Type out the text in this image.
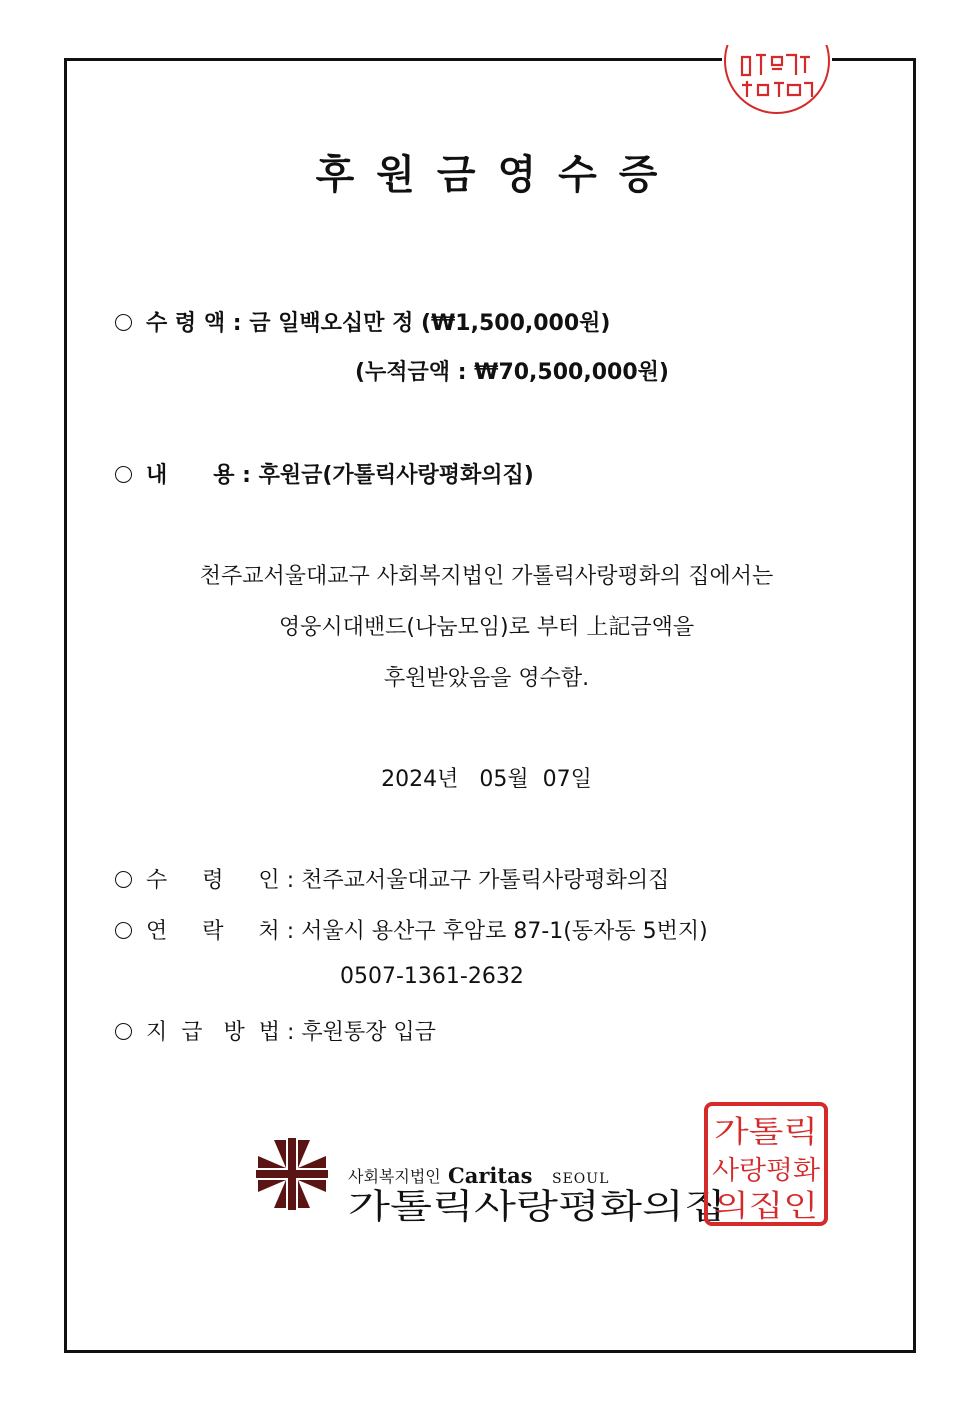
후원금영수증
수 령 액 : 금 일백오십만 정 (₩1,500,000원)
(누적금액 : ₩70,500,000원)
내      용 : 후원금(가톨릭사랑평화의집)
천주교서울대교구 사회복지법인 가톨릭사랑평화의 집에서는
영웅시대밴드(나눔모임)로 부터 上記금액을
후원받았음을 영수함.
2024년   05월  07일
수     령     인 : 천주교서울대교구 가톨릭사랑평화의집
연     락     처 : 서울시 용산구 후암로 87-1(동자동 5번지)
0507-1361-2632
지  급   방  법 : 후원통장 입금
사회복지법인 Caritas SEOUL
가톨릭사랑평화의집
가톨릭
사랑평화
의집인
